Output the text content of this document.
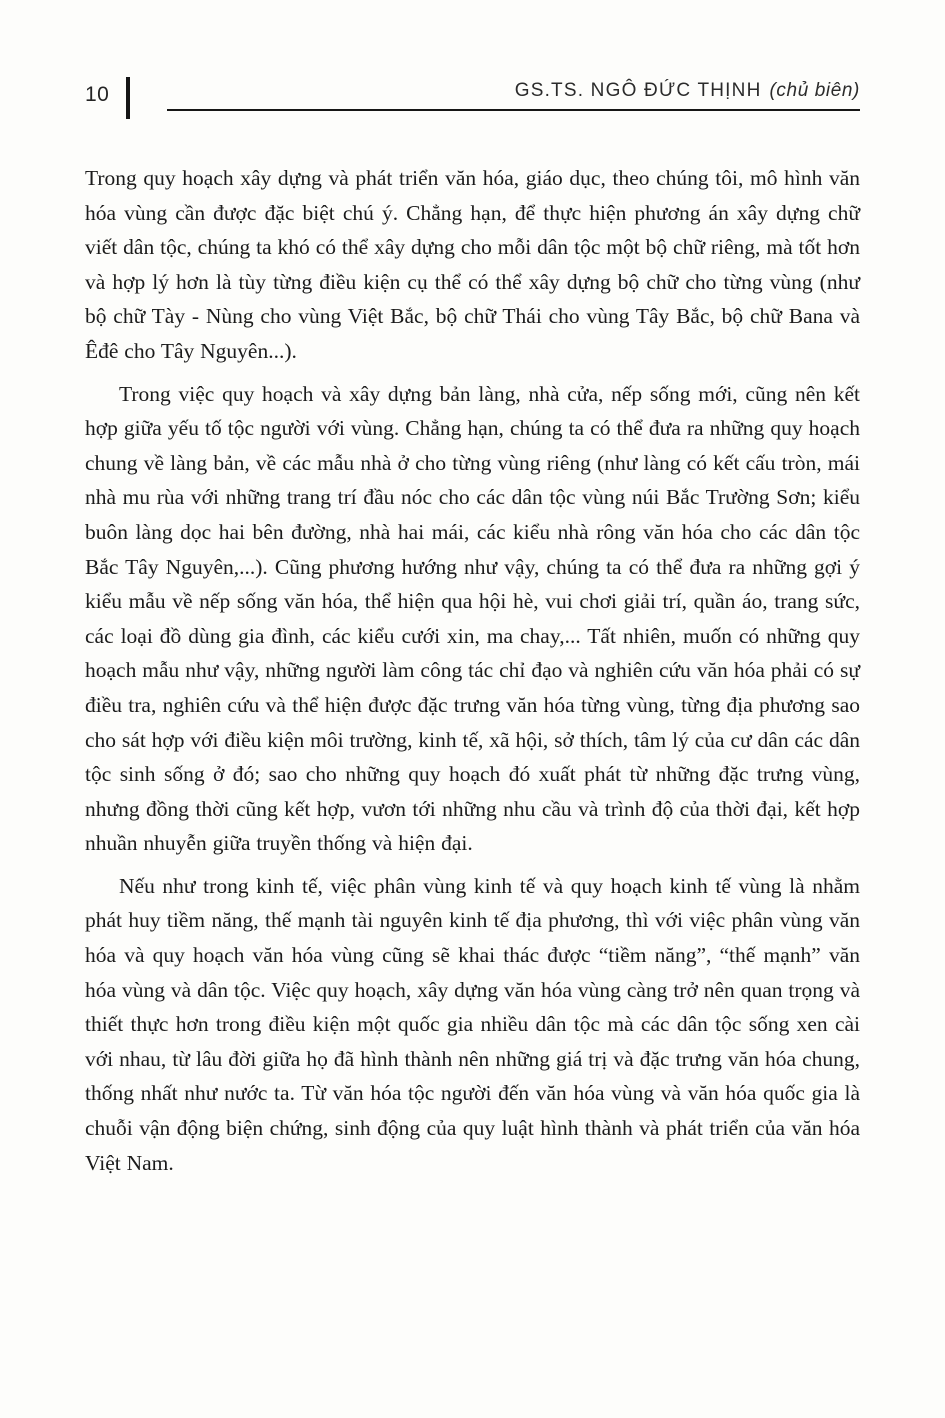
10	GS.TS. NGÔ ĐỨC THỊNH (chủ biên)

Trong quy hoạch xây dựng và phát triển văn hóa, giáo dục, theo chúng tôi, mô hình văn hóa vùng cần được đặc biệt chú ý. Chẳng hạn, để thực hiện phương án xây dựng chữ viết dân tộc, chúng ta khó có thể xây dựng cho mỗi dân tộc một bộ chữ riêng, mà tốt hơn và hợp lý hơn là tùy từng điều kiện cụ thể có thể xây dựng bộ chữ cho từng vùng (như bộ chữ Tày - Nùng cho vùng Việt Bắc, bộ chữ Thái cho vùng Tây Bắc, bộ chữ Bana và Êđê cho Tây Nguyên...).

Trong việc quy hoạch và xây dựng bản làng, nhà cửa, nếp sống mới, cũng nên kết hợp giữa yếu tố tộc người với vùng. Chẳng hạn, chúng ta có thể đưa ra những quy hoạch chung về làng bản, về các mẫu nhà ở cho từng vùng riêng (như làng có kết cấu tròn, mái nhà mu rùa với những trang trí đầu nóc cho các dân tộc vùng núi Bắc Trường Sơn; kiểu buôn làng dọc hai bên đường, nhà hai mái, các kiểu nhà rông văn hóa cho các dân tộc Bắc Tây Nguyên,...). Cũng phương hướng như vậy, chúng ta có thể đưa ra những gợi ý kiểu mẫu về nếp sống văn hóa, thể hiện qua hội hè, vui chơi giải trí, quần áo, trang sức, các loại đồ dùng gia đình, các kiểu cưới xin, ma chay,... Tất nhiên, muốn có những quy hoạch mẫu như vậy, những người làm công tác chỉ đạo và nghiên cứu văn hóa phải có sự điều tra, nghiên cứu và thể hiện được đặc trưng văn hóa từng vùng, từng địa phương sao cho sát hợp với điều kiện môi trường, kinh tế, xã hội, sở thích, tâm lý của cư dân các dân tộc sinh sống ở đó; sao cho những quy hoạch đó xuất phát từ những đặc trưng vùng, nhưng đồng thời cũng kết hợp, vươn tới những nhu cầu và trình độ của thời đại, kết hợp nhuần nhuyễn giữa truyền thống và hiện đại.

Nếu như trong kinh tế, việc phân vùng kinh tế và quy hoạch kinh tế vùng là nhằm phát huy tiềm năng, thế mạnh tài nguyên kinh tế địa phương, thì với việc phân vùng văn hóa và quy hoạch văn hóa vùng cũng sẽ khai thác được “tiềm năng”, “thế mạnh” văn hóa vùng và dân tộc. Việc quy hoạch, xây dựng văn hóa vùng càng trở nên quan trọng và thiết thực hơn trong điều kiện một quốc gia nhiều dân tộc mà các dân tộc sống xen cài với nhau, từ lâu đời giữa họ đã hình thành nên những giá trị và đặc trưng văn hóa chung, thống nhất như nước ta. Từ văn hóa tộc người đến văn hóa vùng và văn hóa quốc gia là chuỗi vận động biện chứng, sinh động của quy luật hình thành và phát triển của văn hóa Việt Nam.
